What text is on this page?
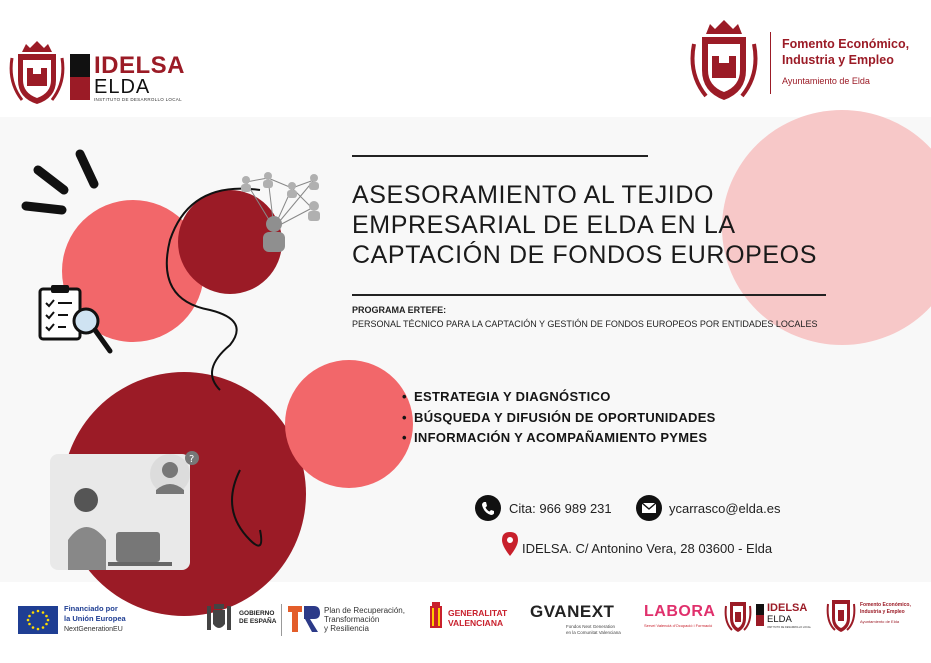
IDELSA
ELDA
INSTITUTO DE DESARROLLO LOCAL
Fomento Económico,
Industria y Empleo
Ayuntamiento de Elda
?
ASESORAMIENTO AL TEJIDO
EMPRESARIAL DE ELDA EN LA
CAPTACIÓN DE FONDOS EUROPEOS
PROGRAMA ERTEFE:
PERSONAL TÉCNICO PARA LA CAPTACIÓN Y GESTIÓN DE FONDOS EUROPEOS POR ENTIDADES LOCALES
• ESTRATEGIA Y DIAGNÓSTICO
• BÚSQUEDA Y DIFUSIÓN DE OPORTUNIDADES
• INFORMACIÓN Y ACOMPAÑAMIENTO PYMES
Cita: 966 989 231	ycarrasco@elda.es
IDELSA. C/ Antonino Vera, 28 03600 - Elda
Financiado por
la Unión Europea
NextGenerationEU
GOBIERNO
DE ESPAÑA
Plan de Recuperación,
Transformación
y Resiliencia
GENERALITAT
VALENCIANA
GVANEXT
Fondos Next Generation
en la Comunitat Valenciana
LABORA
Servei Valencià d'Ocupació i Formació
IDELSA
ELDA
INSTITUTO DE DESARROLLO LOCAL
Fomento Económico,
Industria y Empleo
Ayuntamiento de Elda
